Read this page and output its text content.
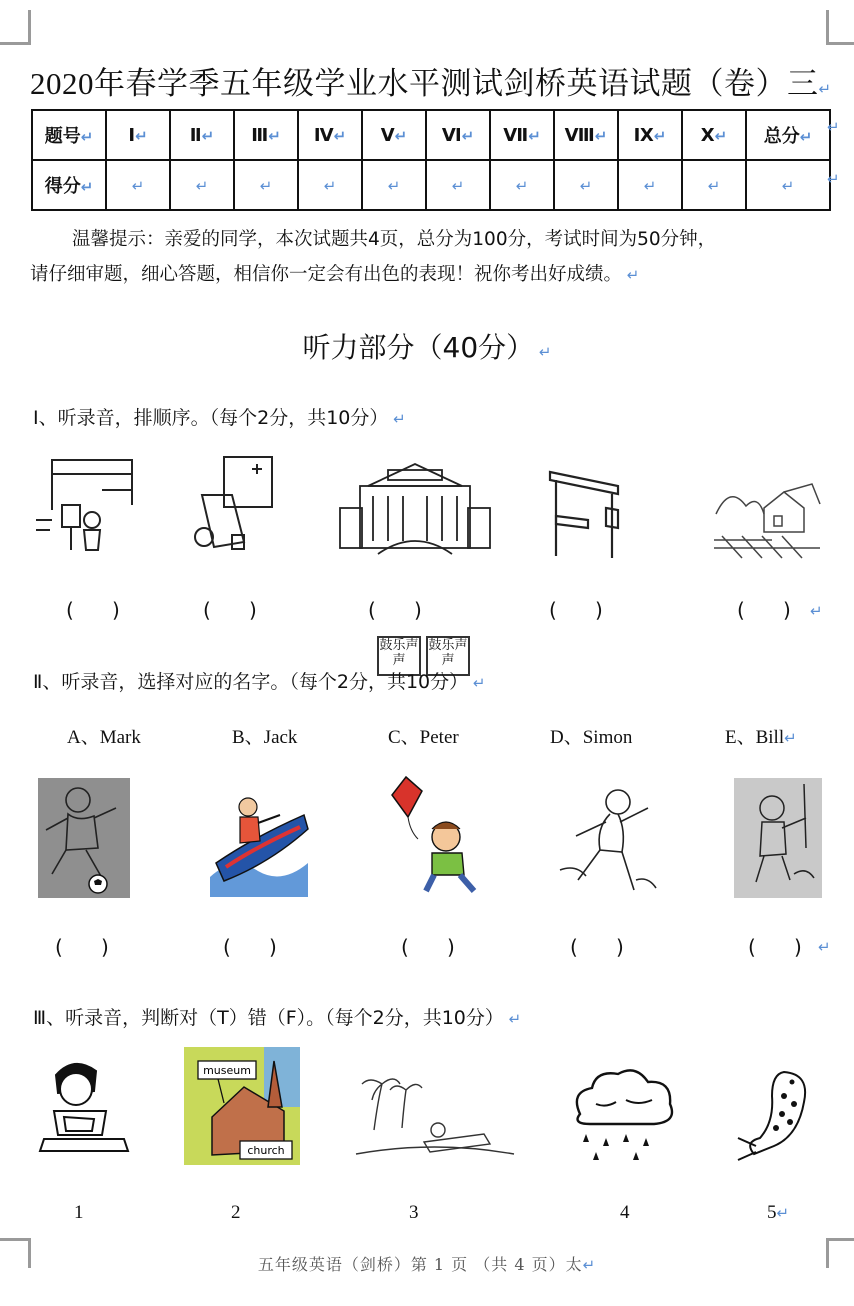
2020年春学季五年级学业水平测试剑桥英语试题（卷）三↵
题号↵	Ⅰ↵	Ⅱ↵	Ⅲ↵	Ⅳ↵	Ⅴ↵	Ⅵ↵	Ⅶ↵	Ⅷ↵	Ⅸ↵	Ⅹ↵	总分↵
得分↵	↵	↵	↵	↵	↵	↵	↵	↵	↵	↵	↵
↵
↵

温馨提示：亲爱的同学，本次试题共4页，总分为100分，考试时间为50分钟，

请仔细审题，细心答题，相信你一定会有出色的表现！祝你考出好成绩。 ↵

听力部分（40分） ↵
Ⅰ、听录音，排顺序。（每个2分，共10分） ↵
(      )	(      )	(      )	(      )	(      ) ↵
鼓乐声声
鼓乐声声
Ⅱ、听录音，选择对应的名字。（每个2分，共10分） ↵
A、Mark	B、Jack	C、Peter	D、Simon	E、Bill↵
(      )	(      )	(      )	(      )	(      ) ↵
Ⅲ、听录音，判断对（T）错（F）。（每个2分，共10分） ↵
museum
church
1	2	3	4	5↵
五年级英语（剑桥）第 1 页 （共 4 页）太↵
